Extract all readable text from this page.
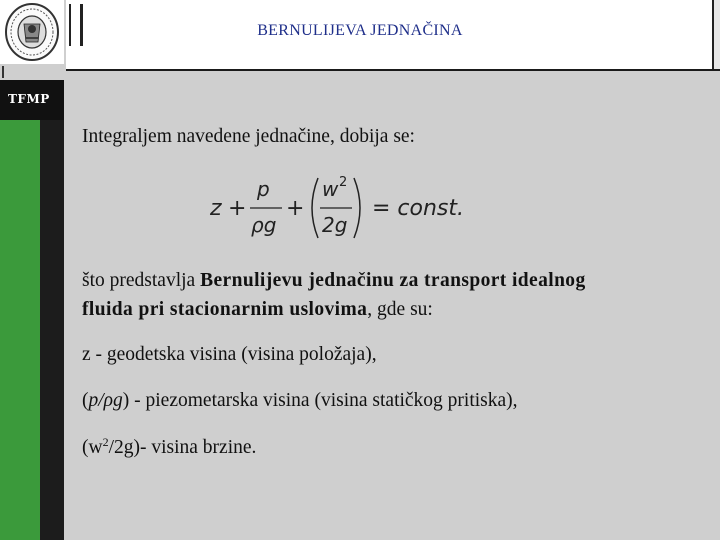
TFMP
BERNULIJEVA JEDNAČINA
Integraljem navedene jednačine, dobija se:
z +
p
ρg
+
w 2
2g
= const.
što predstavlja Bernulijevu jednačinu za transport idealnog
fluida pri stacionarnim uslovima, gde su:
z - geodetska visina (visina položaja),
(p/ρg) - piezometarska visina (visina statičkog pritiska),
$(w^2/2g)-$ visina brzine.
